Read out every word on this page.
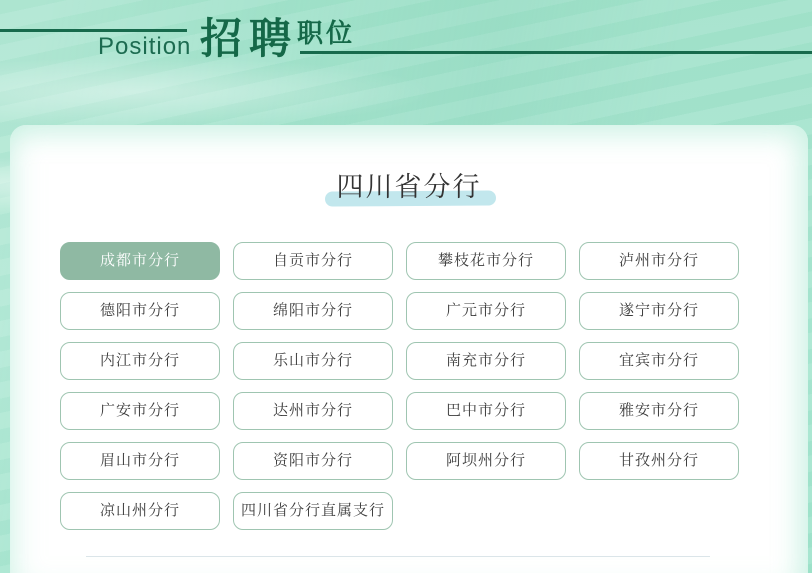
Position 招聘
职位
四川省分行
成都市分行	自贡市分行	攀枝花市分行	泸州市分行
德阳市分行	绵阳市分行	广元市分行	遂宁市分行
内江市分行	乐山市分行	南充市分行	宜宾市分行
广安市分行	达州市分行	巴中市分行	雅安市分行
眉山市分行	资阳市分行	阿坝州分行	甘孜州分行
凉山州分行	四川省分行直属支行
